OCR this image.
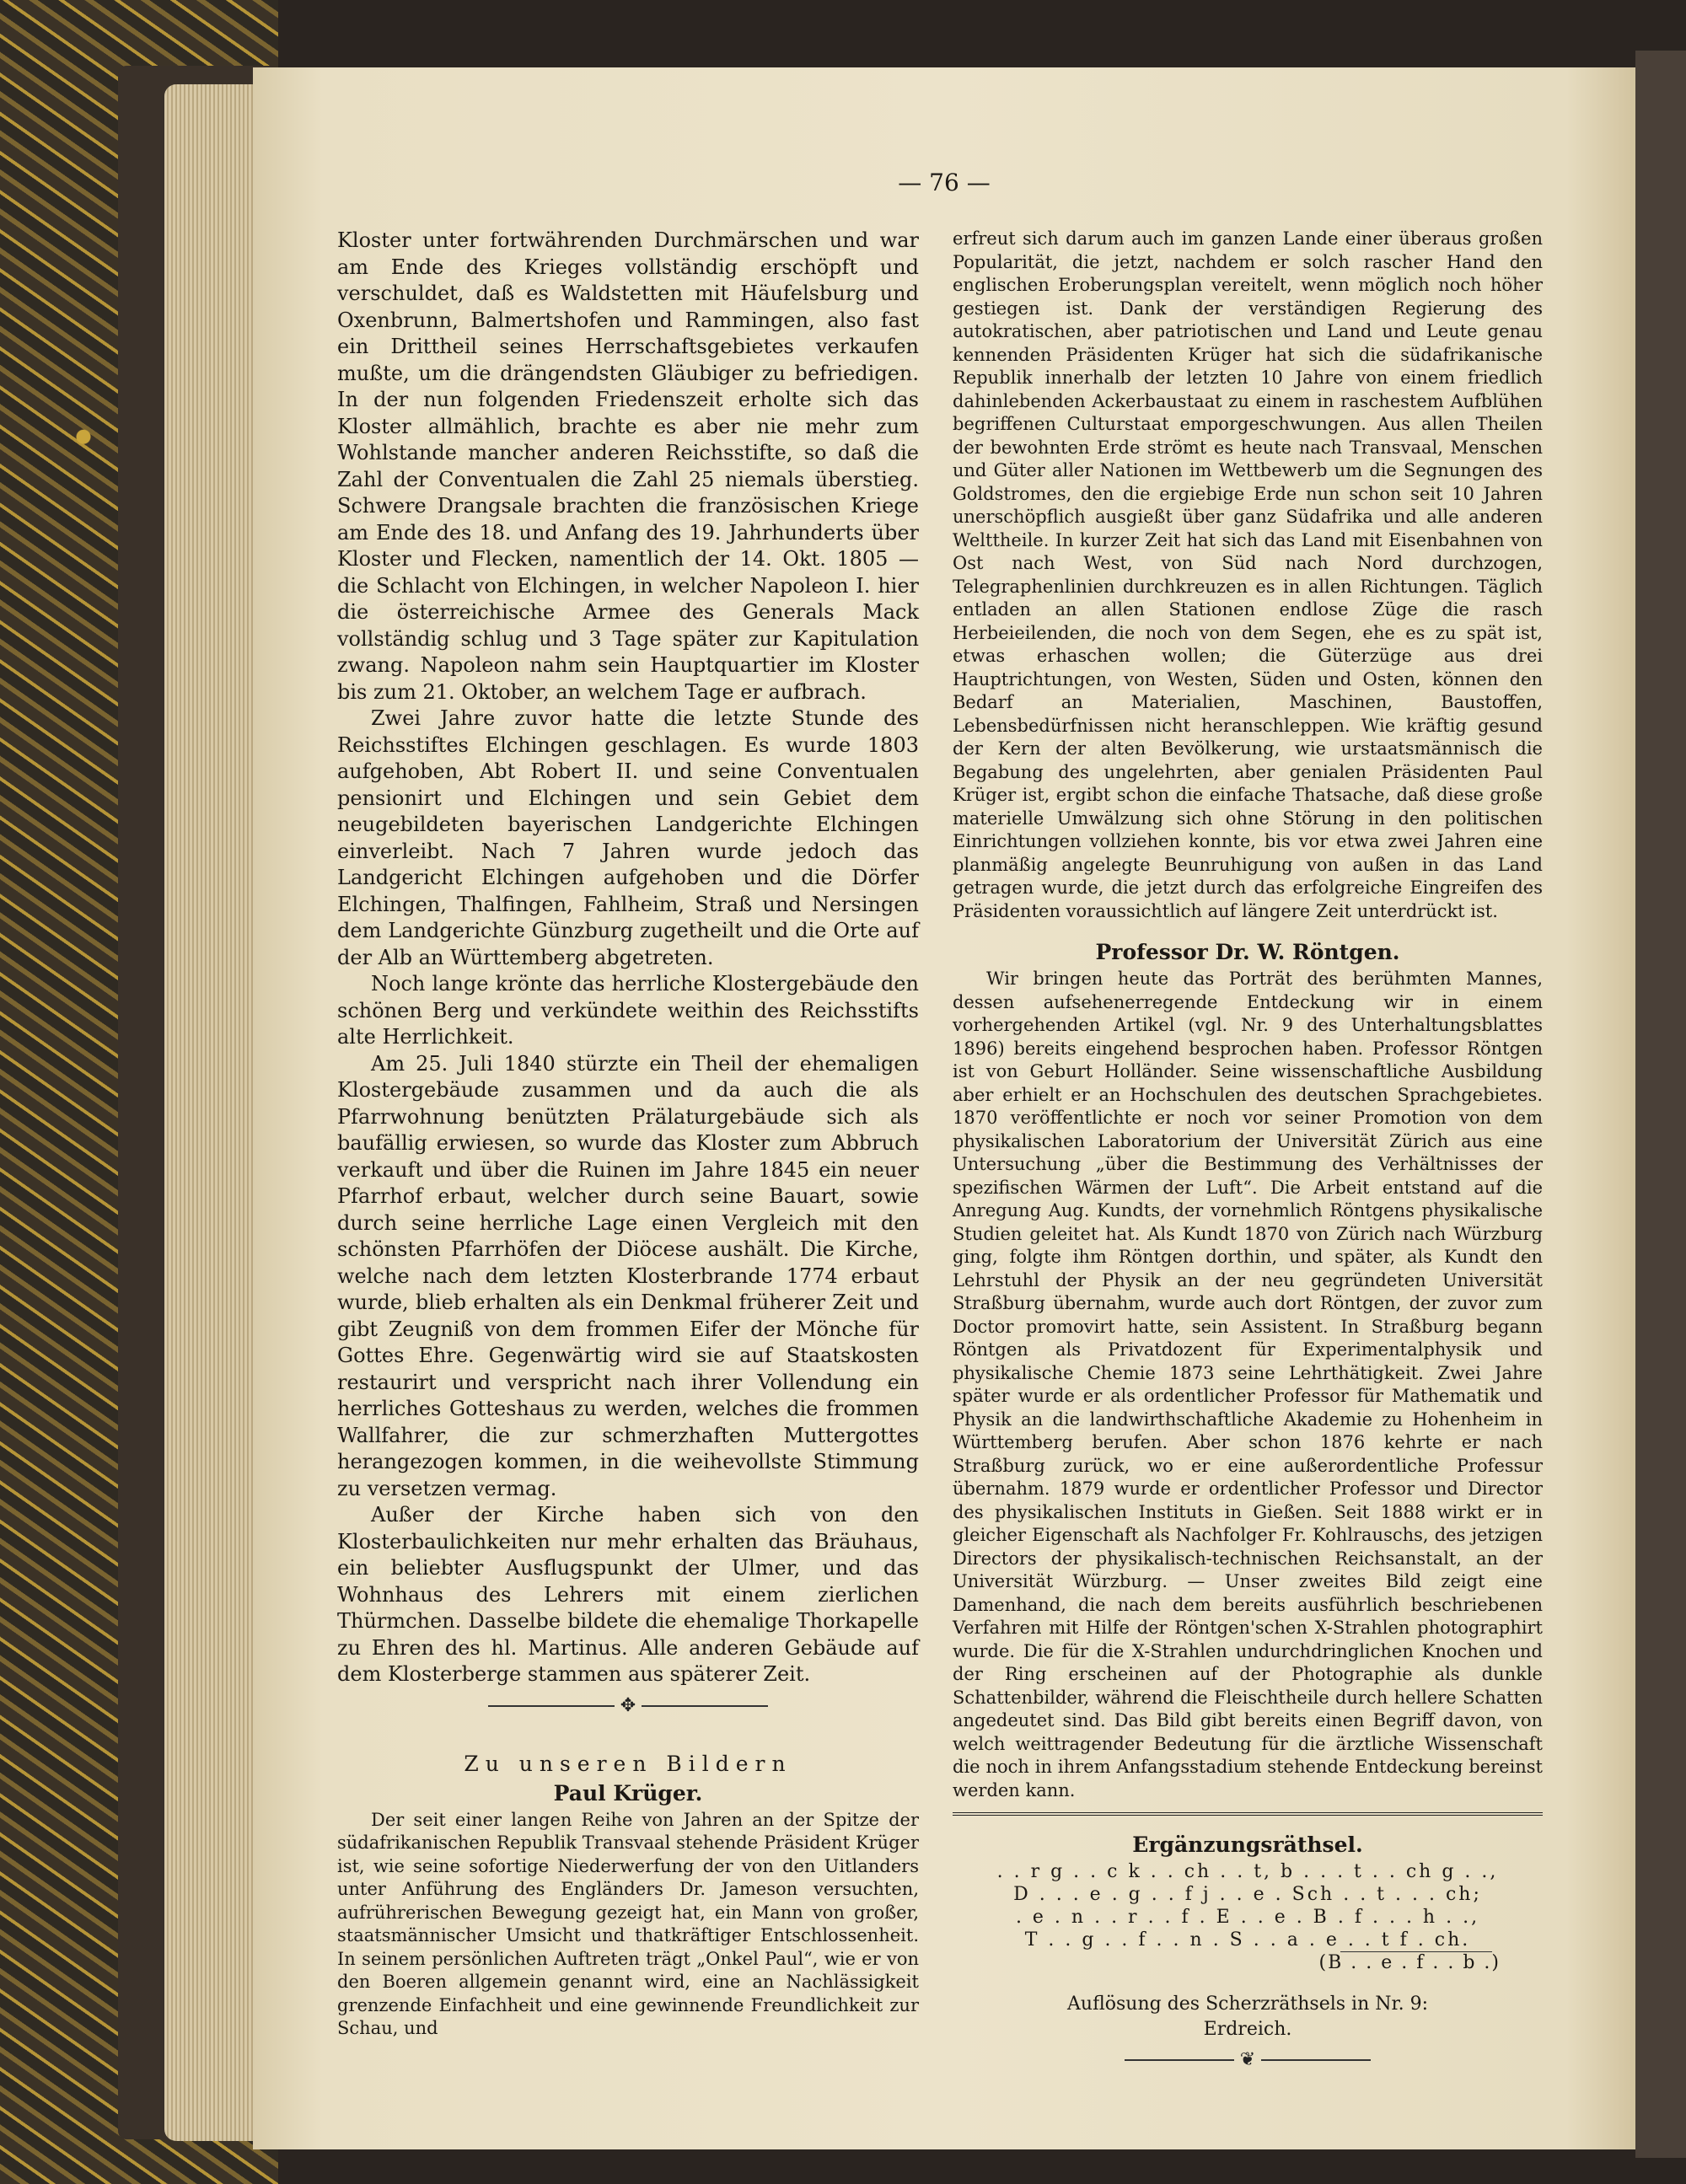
— 76 —

Kloster unter fortwährenden Durchmärschen und war am Ende des Krieges vollständig erschöpft und verschuldet, daß es Waldstetten mit Häufelsburg und Oxenbrunn, Balmertshofen und Rammingen, also fast ein Drittheil seines Herrschaftsgebietes verkaufen mußte, um die drängendsten Gläubiger zu befriedigen. In der nun folgenden Friedenszeit erholte sich das Kloster allmählich, brachte es aber nie mehr zum Wohlstande mancher anderen Reichsstifte, so daß die Zahl der Conventualen die Zahl 25 niemals überstieg. Schwere Drangsale brachten die französischen Kriege am Ende des 18. und Anfang des 19. Jahrhunderts über Kloster und Flecken, namentlich der 14. Okt. 1805 — die Schlacht von Elchingen, in welcher Napoleon I. hier die österreichische Armee des Generals Mack vollständig schlug und 3 Tage später zur Kapitulation zwang. Napoleon nahm sein Hauptquartier im Kloster bis zum 21. Oktober, an welchem Tage er aufbrach.

Zwei Jahre zuvor hatte die letzte Stunde des Reichsstiftes Elchingen geschlagen. Es wurde 1803 aufgehoben, Abt Robert II. und seine Conventualen pensionirt und Elchingen und sein Gebiet dem neugebildeten bayerischen Landgerichte Elchingen einverleibt. Nach 7 Jahren wurde jedoch das Landgericht Elchingen aufgehoben und die Dörfer Elchingen, Thalfingen, Fahlheim, Straß und Nersingen dem Landgerichte Günzburg zugetheilt und die Orte auf der Alb an Württemberg abgetreten.

Noch lange krönte das herrliche Klostergebäude den schönen Berg und verkündete weithin des Reichsstifts alte Herrlichkeit.

Am 25. Juli 1840 stürzte ein Theil der ehemaligen Klostergebäude zusammen und da auch die als Pfarrwohnung benützten Prälaturgebäude sich als baufällig erwiesen, so wurde das Kloster zum Abbruch verkauft und über die Ruinen im Jahre 1845 ein neuer Pfarrhof erbaut, welcher durch seine Bauart, sowie durch seine herrliche Lage einen Vergleich mit den schönsten Pfarrhöfen der Diöcese aushält. Die Kirche, welche nach dem letzten Klosterbrande 1774 erbaut wurde, blieb erhalten als ein Denkmal früherer Zeit und gibt Zeugniß von dem frommen Eifer der Mönche für Gottes Ehre. Gegenwärtig wird sie auf Staatskosten restaurirt und verspricht nach ihrer Vollendung ein herrliches Gotteshaus zu werden, welches die frommen Wallfahrer, die zur schmerzhaften Muttergottes herangezogen kommen, in die weihevollste Stimmung zu versetzen vermag.

Außer der Kirche haben sich von den Klosterbaulichkeiten nur mehr erhalten das Bräuhaus, ein beliebter Ausflugspunkt der Ulmer, und das Wohnhaus des Lehrers mit einem zierlichen Thürmchen. Dasselbe bildete die ehemalige Thorkapelle zu Ehren des hl. Martinus. Alle anderen Gebäude auf dem Klosterberge stammen aus späterer Zeit.

✥
Zu unseren Bildern
Paul Krüger.

Der seit einer langen Reihe von Jahren an der Spitze der südafrikanischen Republik Transvaal stehende Präsident Krüger ist, wie seine sofortige Niederwerfung der von den Uitlanders unter Anführung des Engländers Dr. Jameson versuchten, aufrührerischen Bewegung gezeigt hat, ein Mann von großer, staatsmännischer Umsicht und thatkräftiger Entschlossenheit. In seinem persönlichen Auftreten trägt „Onkel Paul“, wie er von den Boeren allgemein genannt wird, eine an Nachlässigkeit grenzende Einfachheit und eine gewinnende Freundlichkeit zur Schau, und

erfreut sich darum auch im ganzen Lande einer überaus großen Popularität, die jetzt, nachdem er solch rascher Hand den englischen Eroberungsplan vereitelt, wenn möglich noch höher gestiegen ist. Dank der verständigen Regierung des autokratischen, aber patriotischen und Land und Leute genau kennenden Präsidenten Krüger hat sich die südafrikanische Republik innerhalb der letzten 10 Jahre von einem friedlich dahinlebenden Ackerbaustaat zu einem in raschestem Aufblühen begriffenen Culturstaat emporgeschwungen. Aus allen Theilen der bewohnten Erde strömt es heute nach Transvaal, Menschen und Güter aller Nationen im Wettbewerb um die Segnungen des Goldstromes, den die ergiebige Erde nun schon seit 10 Jahren unerschöpflich ausgießt über ganz Südafrika und alle anderen Welttheile. In kurzer Zeit hat sich das Land mit Eisenbahnen von Ost nach West, von Süd nach Nord durchzogen, Telegraphenlinien durchkreuzen es in allen Richtungen. Täglich entladen an allen Stationen endlose Züge die rasch Herbeieilenden, die noch von dem Segen, ehe es zu spät ist, etwas erhaschen wollen; die Güterzüge aus drei Hauptrichtungen, von Westen, Süden und Osten, können den Bedarf an Materialien, Maschinen, Baustoffen, Lebensbedürfnissen nicht heranschleppen. Wie kräftig gesund der Kern der alten Bevölkerung, wie urstaatsmännisch die Begabung des ungelehrten, aber genialen Präsidenten Paul Krüger ist, ergibt schon die einfache Thatsache, daß diese große materielle Umwälzung sich ohne Störung in den politischen Einrichtungen vollziehen konnte, bis vor etwa zwei Jahren eine planmäßig angelegte Beunruhigung von außen in das Land getragen wurde, die jetzt durch das erfolgreiche Eingreifen des Präsidenten voraussichtlich auf längere Zeit unterdrückt ist.

Professor Dr. W. Röntgen.

Wir bringen heute das Porträt des berühmten Mannes, dessen aufsehenerregende Entdeckung wir in einem vorhergehenden Artikel (vgl. Nr. 9 des Unterhaltungsblattes 1896) bereits eingehend besprochen haben. Professor Röntgen ist von Geburt Holländer. Seine wissenschaftliche Ausbildung aber erhielt er an Hochschulen des deutschen Sprachgebietes. 1870 veröffentlichte er noch vor seiner Promotion von dem physikalischen Laboratorium der Universität Zürich aus eine Untersuchung „über die Bestimmung des Verhältnisses der spezifischen Wärmen der Luft“. Die Arbeit entstand auf die Anregung Aug. Kundts, der vornehmlich Röntgens physikalische Studien geleitet hat. Als Kundt 1870 von Zürich nach Würzburg ging, folgte ihm Röntgen dorthin, und später, als Kundt den Lehrstuhl der Physik an der neu gegründeten Universität Straßburg übernahm, wurde auch dort Röntgen, der zuvor zum Doctor promovirt hatte, sein Assistent. In Straßburg begann Röntgen als Privatdozent für Experimentalphysik und physikalische Chemie 1873 seine Lehrthätigkeit. Zwei Jahre später wurde er als ordentlicher Professor für Mathematik und Physik an die landwirthschaftliche Akademie zu Hohenheim in Württemberg berufen. Aber schon 1876 kehrte er nach Straßburg zurück, wo er eine außerordentliche Professur übernahm. 1879 wurde er ordentlicher Professor und Director des physikalischen Instituts in Gießen. Seit 1888 wirkt er in gleicher Eigenschaft als Nachfolger Fr. Kohlrauschs, des jetzigen Directors der physikalisch-technischen Reichsanstalt, an der Universität Würzburg. — Unser zweites Bild zeigt eine Damenhand, die nach dem bereits ausführlich beschriebenen Verfahren mit Hilfe der Röntgen'schen X-Strahlen photographirt wurde. Die für die X-Strahlen undurchdringlichen Knochen und der Ring erscheinen auf der Photographie als dunkle Schattenbilder, während die Fleischtheile durch hellere Schatten angedeutet sind. Das Bild gibt bereits einen Begriff davon, von welch weittragender Bedeutung für die ärztliche Wissenschaft die noch in ihrem Anfangsstadium stehende Entdeckung bereinst werden kann.

Ergänzungsräthsel.
. . r g . . c k . . ch . . t, b . . . t . . ch g . .,
D . . . e . g . . f j . . e . Sch . . t . . . ch;
. e . n . . r . . f . E . . e . B . f . . . h . .,
T . . g . . f . . n . S . . a . e . . t f . ch.
(B . . e . f . . b .)
Auflösung des Scherzräthsels in Nr. 9:
Erdreich.
❦
